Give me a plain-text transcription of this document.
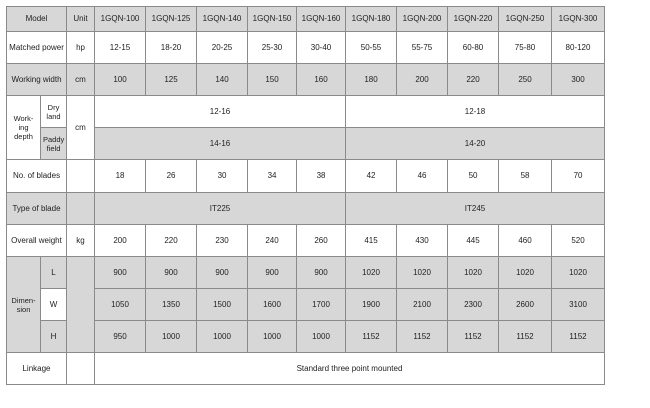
Model		Unit	1GQN-100	1GQN-125	1GQN-140	1GQN-150	1GQN-160	1GQN-180	1GQN-200	1GQN-220	1GQN-250	1GQN-300
Matched power		hp	12-15	18-20	20-25	25-30	30-40	50-55	55-75	60-80	75-80	80-120
Working width		cm	100	125	140	150	160	180	200	220	250	300
Work- ing depth	Dry land	cm	12-16					12-18				
	Paddy field		14-16					14-20				
No. of blades			18	26	30	34	38	42	46	50	58	70
Type of blade			IT225					IT245				
Overall weight		kg	200	220	230	240	260	415	430	445	460	520
Dimen- sion	L		900	900	900	900	900	1020	1020	1020	1020	1020
	W		1050	1350	1500	1600	1700	1900	2100	2300	2600	3100
	H		950	1000	1000	1000	1000	1152	1152	1152	1152	1152
Linkage			Standard three point mounted									
